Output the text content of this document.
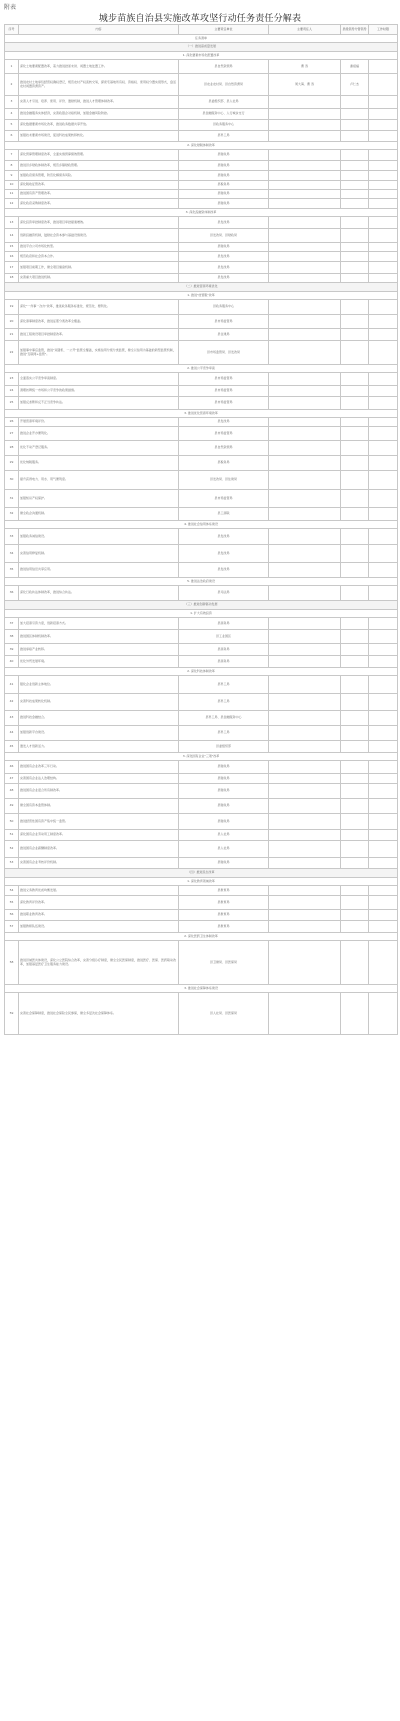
附表
城步苗族自治县实施改革攻坚行动任务责任分解表
序号	内容	主要责任单位	主要责任人	县级领导分管领导	工作时限
任务清单					
（一）推进高质量发展					
1. 深化要素市场化配置改革					
1	深化土地要素配置改革，着力推进批而未供、闲置土地处置工作。	县自然资源局	曹 涛	谢祖福	
2	推进农村土地承包经营权确权登记，规范农村产权流转交易，探索宅基地所有权、资格权、使用权分置实现形式，盘活农村闲置资源资产。	县农业农村局、县自然资源局	周大海、曹 涛	卢仁杰	
3	完善人才引进、培养、使用、评价、激励机制，推进人才管理体制改革。	县委组织部、县人社局			
4	推进金融服务实体经济，完善政银企对接机制，加强金融风险防控。	县金融服务中心、人行城步支行			
5	深化数据要素市场化改革，推进政务数据共享开放。	县政务服务中心			
6	加强技术要素市场建设，促进科技成果转移转化。	县科工局			
2. 深化财税体制改革					
7	深化预算管理制度改革，全面实施预算绩效管理。	县财政局			
8	推进县乡财政体制改革，规范乡镇财政管理。	县财政局			
9	加强政府债务管理，防范化解债务风险。	县财政局			
10	深化税收征管改革。	县税务局			
11	推进国有资产管理改革。	县财政局			
12	深化政府采购制度改革。	县财政局			
3. 深化投融资体制改革					
13	深化投资审批制度改革，推进项目审批提速增效。	县发改局			
14	创新投融资机制，鼓励社会资本参与基础设施建设。	县发改局、县财政局			
15	推进平台公司市场化转型。	县财政局			
16	规范政府和社会资本合作。	县发改局			
17	加强项目前期工作，健全项目储备机制。	县发改局			
18	完善重大项目推进机制。	县发改局			
（二）推进营商环境优化					
1. 推进"放管服"改革					
19	深化"一件事一次办"改革，推进政务服务标准化、规范化、便利化。	县政务服务中心			
20	深化商事制度改革，推进证照分离改革全覆盖。	县市场监管局			
21	推进工程建设项目审批制度改革。	县住建局			
22	加强事中事后监管，推进"双随机、一公开"监管全覆盖，实施信用分级分类监管，健全以信用为基础的新型监管机制，推进"互联网+监管"。	县市场监管局、县发改局			
2. 推进公平竞争审查					
23	全面落实公平竞争审查制度。	县市场监管局			
24	清理妨碍统一市场和公平竞争的政策措施。	县市场监管局			
25	加强反垄断和反不正当竞争执法。	县市场监管局			
3. 推进优化营商环境改革					
26	开展营商环境评价。	县发改局			
27	推进企业开办便利化。	县市场监管局			
28	优化不动产登记服务。	县自然资源局			
29	优化纳税服务。	县税务局			
30	提升获得电力、用水、用气便利度。	县发改局、县住建局			
31	加强知识产权保护。	县市场监管局			
32	健全政企沟通机制。	县工商联			
4. 推进社会信用体系建设					
33	加强政务诚信建设。	县发改局			
34	完善信用修复机制。	县发改局			
35	推进信用信息共享应用。	县发改局			
5. 推进法治政府建设					
36	深化行政执法体制改革，推进综合执法。	县司法局			
（三）推进创新驱动发展					
1. 扩大有效投资					
37	加大招商引资力度，创新招商方式。	县商务局			
38	推进园区体制机制改革。	县工业园区			
39	推进承接产业转移。	县商务局			
40	优化外贸发展环境。	县商务局			
2. 深化科技体制改革					
41	强化企业创新主体地位。	县科工局			
42	完善科技成果转化机制。	县科工局			
43	推进科技金融结合。	县科工局、县金融服务中心			
44	加强创新平台建设。	县科工局			
45	激发人才创新活力。	县委组织部			
3. 深化国有企业"三项"改革					
46	推进国有企业改革三年行动。	县财政局			
47	完善国有企业法人治理结构。	县财政局			
48	推进国有企业混合所有制改革。	县财政局			
49	健全国有资本监管体制。	县财政局			
50	推进经营性国有资产集中统一监管。	县财政局			
51	深化国有企业劳动用工制度改革。	县人社局			
52	推进国有企业薪酬制度改革。	县人社局			
53	完善国有企业考核评价机制。	县财政局			
（四）推进民生改革					
1. 深化教育领域改革					
54	推进义务教育优质均衡发展。	县教育局			
55	深化教育评价改革。	县教育局			
56	推进职业教育改革。	县教育局			
57	加强教师队伍建设。	县教育局			
2. 深化医药卫生体制改革					
58	推进县域医共体建设，深化公立医院综合改革，完善分级诊疗制度，健全全民医保制度，推进医疗、医保、医药联动改革，加强基层医疗卫生服务能力建设。	县卫健局、县医保局			
3. 推进社会保障体系建设					
59	完善社会保障制度，推进社会保险全民参保，健全多层次社会保障体系。	县人社局、县医保局			
